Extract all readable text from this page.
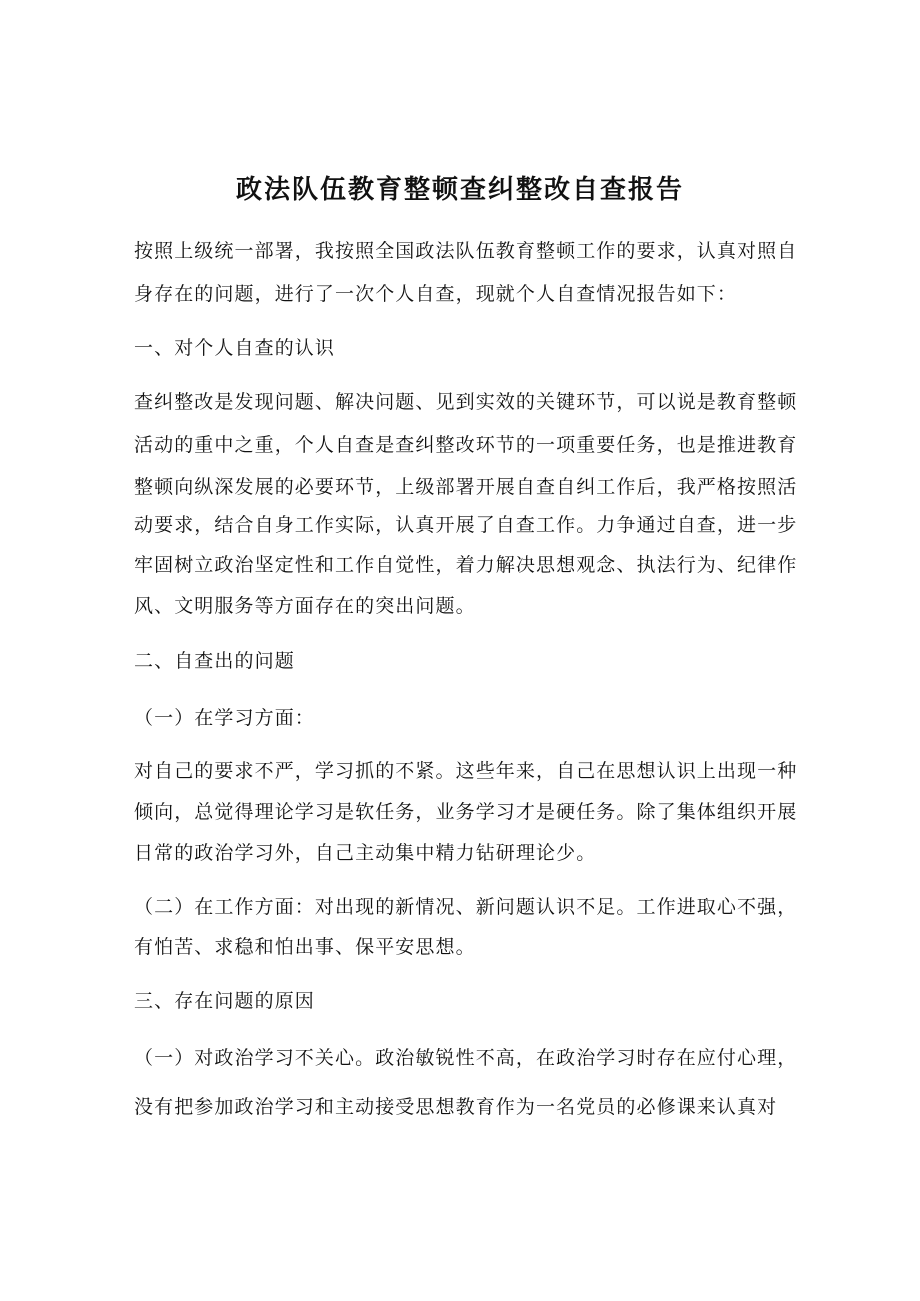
政法队伍教育整顿查纠整改自查报告
按照上级统一部署，我按照全国政法队伍教育整顿工作的要求，认真对照自
身存在的问题，进行了一次个人自查，现就个人自查情况报告如下：
一、对个人自查的认识
查纠整改是发现问题、解决问题、见到实效的关键环节，可以说是教育整顿
活动的重中之重，个人自查是查纠整改环节的一项重要任务，也是推进教育
整顿向纵深发展的必要环节，上级部署开展自查自纠工作后，我严格按照活
动要求，结合自身工作实际，认真开展了自查工作。力争通过自查，进一步
牢固树立政治坚定性和工作自觉性，着力解决思想观念、执法行为、纪律作
风、文明服务等方面存在的突出问题。
二、自查出的问题
（一）在学习方面：
对自己的要求不严，学习抓的不紧。这些年来，自己在思想认识上出现一种
倾向，总觉得理论学习是软任务，业务学习才是硬任务。除了集体组织开展
日常的政治学习外，自己主动集中精力钻研理论少。
（二）在工作方面：对出现的新情况、新问题认识不足。工作进取心不强，
有怕苦、求稳和怕出事、保平安思想。
三、存在问题的原因
（一）对政治学习不关心。政治敏锐性不高，在政治学习时存在应付心理，
没有把参加政治学习和主动接受思想教育作为一名党员的必修课来认真对
